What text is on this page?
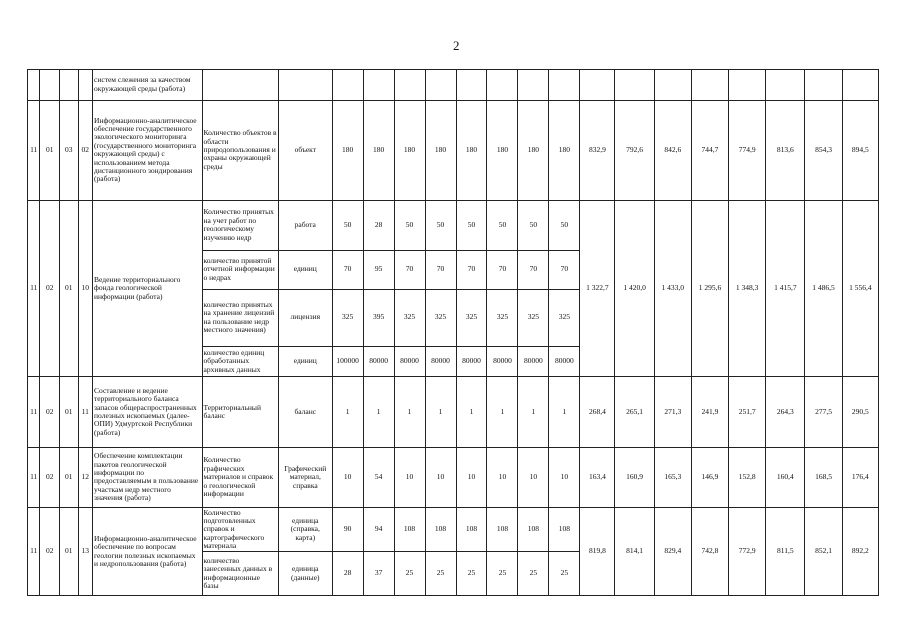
2
				систем слежения за качеством окружающей среды (работа)																		
11	01	03	02	Информационно-аналитическое обеспечение государственного экологического мониторинга (государственного мониторинга окружающей среды) с использованием метода дистанционного зондирования (работа)	Количество объектов в области природопользования и охраны окружающей среды	объект	180	180	180	180	180	180	180	180	832,9	792,6	842,6	744,7	774,9	813,6	854,3	894,5
11	02	01	10	Ведение территориального фонда геологической информации (работа)	Количество принятых на учет работ по геологическому изучению недр	работа	50	28	50	50	50	50	50	50	1 322,7	1 420,0	1 433,0	1 295,6	1 348,3	1 415,7	1 486,5	1 556,4
					количество принятой отчетной информации о недрах	единиц	70	95	70	70	70	70	70	70								
					количество принятых на хранение лицензий на пользование недр местного значения)	лицензия	325	395	325	325	325	325	325	325								
					количество единиц обработанных архивных данных	единиц	100000	80000	80000	80000	80000	80000	80000	80000								
11	02	01	11	Составление и ведение территориального баланса запасов общераспространенных полезных ископаемых (далее-ОПИ) Удмуртской Республики (работа)	Территориальный баланс	баланс	1	1	1	1	1	1	1	1	268,4	265,1	271,3	241,9	251,7	264,3	277,5	290,5
11	02	01	12	Обеспечение комплектации пакетов геологической информации по предоставляемым в пользование участкам недр местного значения (работа)	Количество графических материалов и справок о геологической информации	Графический материал, справка	10	54	10	10	10	10	10	10	163,4	160,9	165,3	146,9	152,8	160,4	168,5	176,4
11	02	01	13	Информационно-аналитическое обеспечение по вопросам геологии полезных ископаемых и недропользования (работа)	Количество подготовленных справок и картографического материала	единица (справка, карта)	90	94	108	108	108	108	108	108	819,8	814,1	829,4	742,8	772,9	811,5	852,1	892,2
					количество занесенных данных в информационные базы	единица (данные)	28	37	25	25	25	25	25	25								
